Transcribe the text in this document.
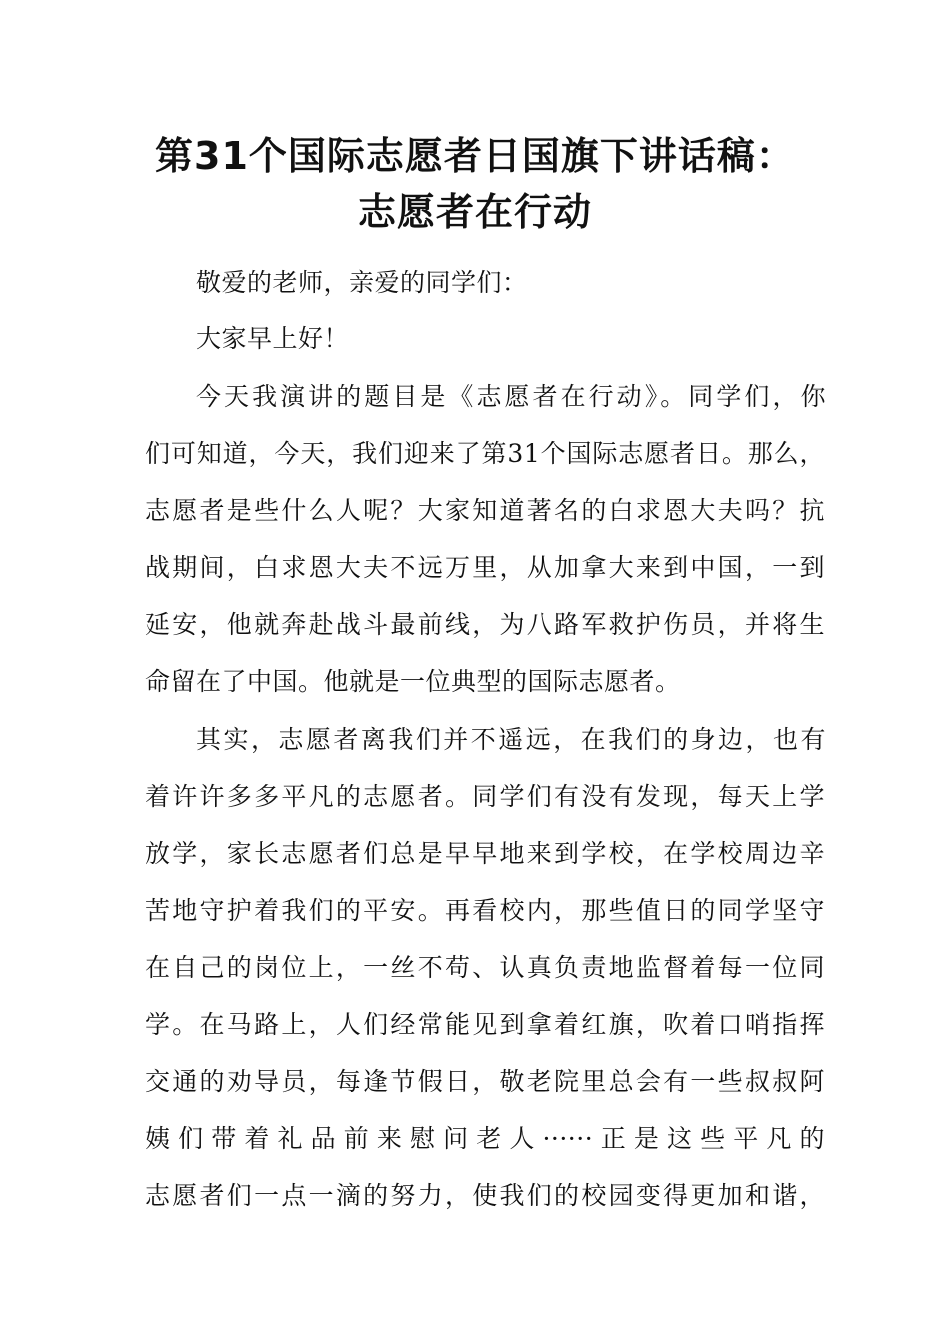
第31个国际志愿者日国旗下讲话稿：
志愿者在行动
敬爱的老师，亲爱的同学们：
大家早上好！
今天我演讲的题目是《志愿者在行动》。同学们，你
们可知道，今天，我们迎来了第31个国际志愿者日。那么，
志愿者是些什么人呢？大家知道著名的白求恩大夫吗？抗
战期间，白求恩大夫不远万里，从加拿大来到中国，一到
延安，他就奔赴战斗最前线，为八路军救护伤员，并将生
命留在了中国。他就是一位典型的国际志愿者。
其实，志愿者离我们并不遥远，在我们的身边，也有
着许许多多平凡的志愿者。同学们有没有发现，每天上学
放学，家长志愿者们总是早早地来到学校，在学校周边辛
苦地守护着我们的平安。再看校内，那些值日的同学坚守
在自己的岗位上，一丝不苟、认真负责地监督着每一位同
学。在马路上，人们经常能见到拿着红旗，吹着口哨指挥
交通的劝导员，每逢节假日，敬老院里总会有一些叔叔阿
姨们带着礼品前来慰问老人······正是这些平凡的
志愿者们一点一滴的努力，使我们的校园变得更加和谐，
